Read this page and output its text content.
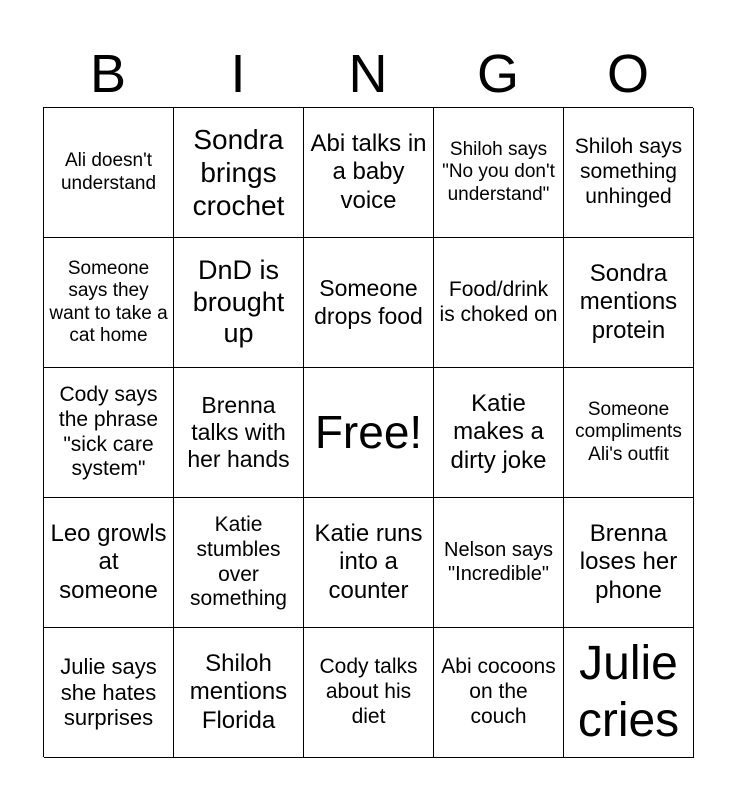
B	I	N	G	O
Ali doesn't understand
Sondra brings crochet
Abi talks in a baby voice
Shiloh says "No you don't understand"
Shiloh says something unhinged
Someone says they want to take a cat home
DnD is brought up
Someone drops food
Food/drink is choked on
Sondra mentions protein
Cody says the phrase "sick care system"
Brenna talks with her hands
Free!
Katie makes a dirty joke
Someone compliments Ali's outfit
Leo growls at someone
Katie stumbles over something
Katie runs into a counter
Nelson says "Incredible"
Brenna loses her phone
Julie says she hates surprises
Shiloh mentions Florida
Cody talks about his diet
Abi cocoons on the couch
Julie cries
